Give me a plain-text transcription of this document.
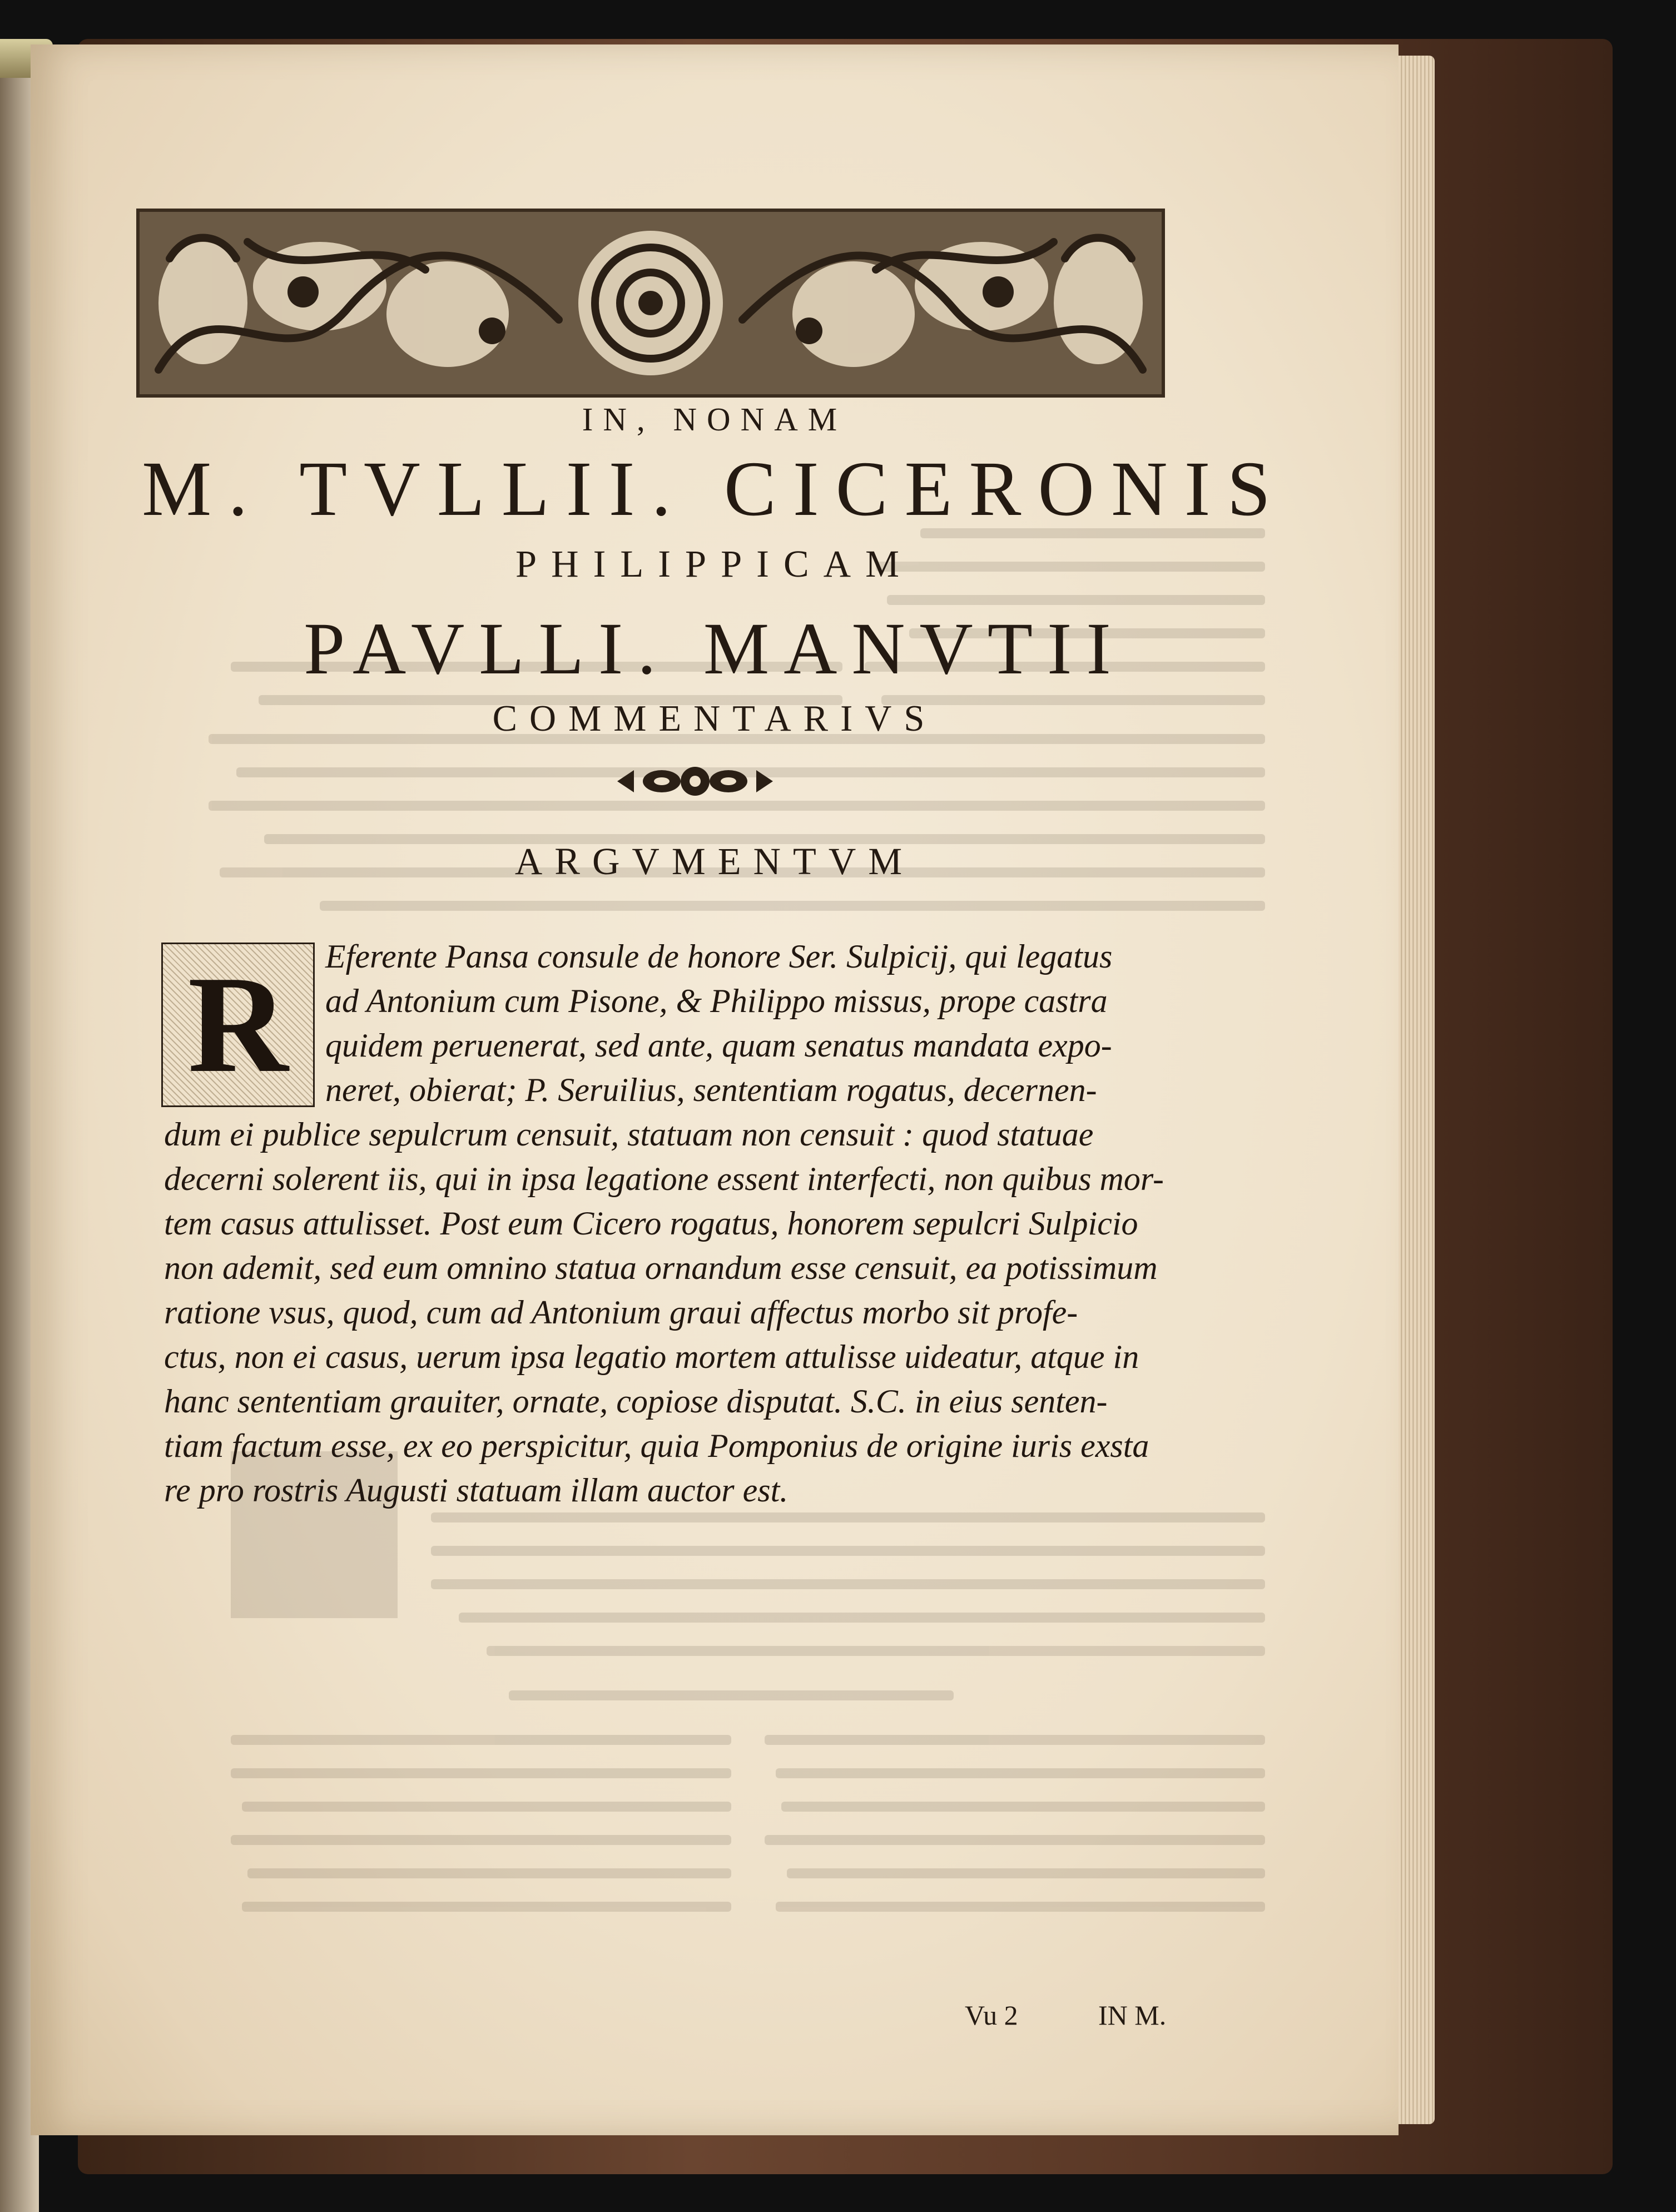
IN, NONAM
M. TVLLII. CICERONIS
PHILIPPICAM
PAVLLI. MANVTII
COMMENTARIVS
ARGVMENTVM
R	Eferente Pansa consule de honore Ser. Sulpicij, qui legatus
ad Antonium cum Pisone, & Philippo missus, prope castra
quidem peruenerat, sed ante, quam senatus mandata expo-
neret, obierat; P. Seruilius, sententiam rogatus, decernen-
dum ei publice sepulcrum censuit, statuam non censuit : quod statuae
decerni solerent iis, qui in ipsa legatione essent interfecti, non quibus mor-
tem casus attulisset. Post eum Cicero rogatus, honorem sepulcri Sulpicio
non ademit, sed eum omnino statua ornandum esse censuit, ea potissimum
ratione vsus, quod, cum ad Antonium graui affectus morbo sit profe-
ctus, non ei casus, uerum ipsa legatio mortem attulisse uideatur, atque in
hanc sententiam grauiter, ornate, copiose disputat. S.C. in eius senten-
tiam factum esse, ex eo perspicitur, quia Pomponius de origine iuris exsta
re pro rostris Augusti statuam illam auctor est.
Vu 2	IN M.
